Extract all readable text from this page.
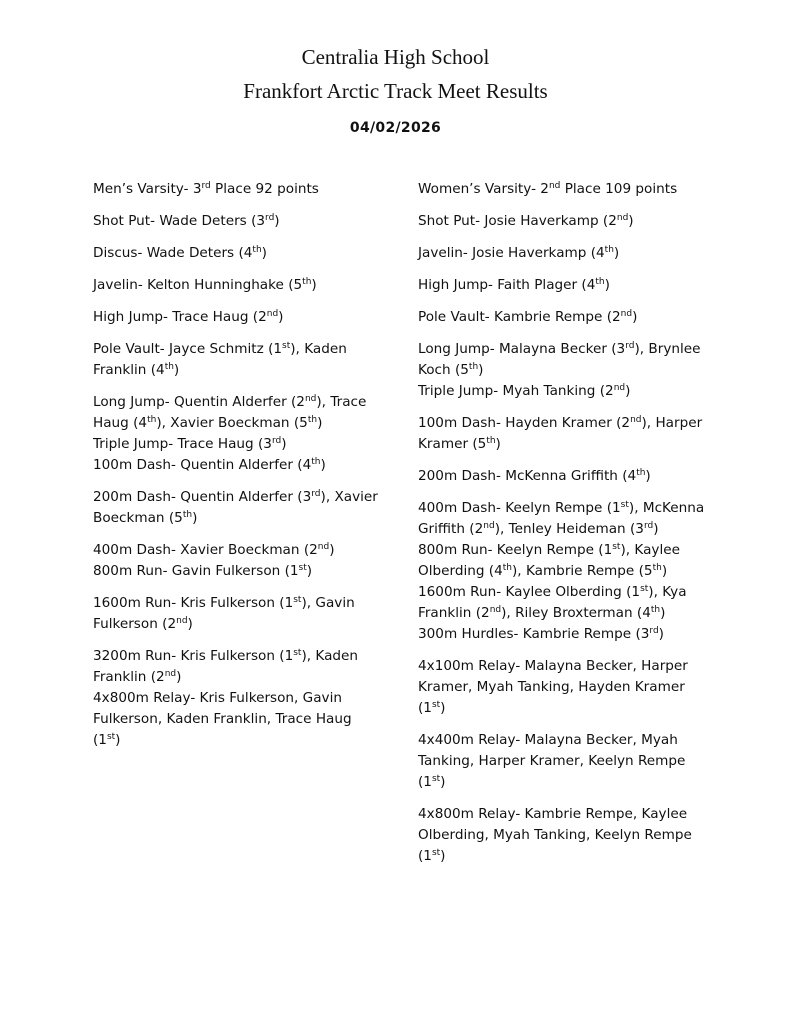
Centralia High School
Frankfort Arctic Track Meet Results
04/02/2026

Men’s Varsity- 3rd Place 92 points

Shot Put- Wade Deters (3rd)

Discus- Wade Deters (4th)

Javelin- Kelton Hunninghake (5th)

High Jump- Trace Haug (2nd)

Pole Vault- Jayce Schmitz (1st), Kaden Franklin (4th)

Long Jump- Quentin Alderfer (2nd), Trace Haug (4th), Xavier Boeckman (5th)

Triple Jump- Trace Haug (3rd)

100m Dash- Quentin Alderfer (4th)

200m Dash- Quentin Alderfer (3rd), Xavier Boeckman (5th)

400m Dash- Xavier Boeckman (2nd)

800m Run- Gavin Fulkerson (1st)

1600m Run- Kris Fulkerson (1st), Gavin Fulkerson (2nd)

3200m Run- Kris Fulkerson (1st), Kaden Franklin (2nd)

4x800m Relay- Kris Fulkerson, Gavin Fulkerson, Kaden Franklin, Trace Haug (1st)

Women’s Varsity- 2nd Place 109 points

Shot Put- Josie Haverkamp (2nd)

Javelin- Josie Haverkamp (4th)

High Jump- Faith Plager (4th)

Pole Vault- Kambrie Rempe (2nd)

Long Jump- Malayna Becker (3rd), Brynlee Koch (5th)

Triple Jump- Myah Tanking (2nd)

100m Dash- Hayden Kramer (2nd), Harper Kramer (5th)

200m Dash- McKenna Griffith (4th)

400m Dash- Keelyn Rempe (1st), McKenna Griffith (2nd), Tenley Heideman (3rd)

800m Run- Keelyn Rempe (1st), Kaylee Olberding (4th), Kambrie Rempe (5th)

1600m Run- Kaylee Olberding (1st), Kya Franklin (2nd), Riley Broxterman (4th)

300m Hurdles- Kambrie Rempe (3rd)

4x100m Relay- Malayna Becker, Harper Kramer, Myah Tanking, Hayden Kramer (1st)

4x400m Relay- Malayna Becker, Myah Tanking, Harper Kramer, Keelyn Rempe (1st)

4x800m Relay- Kambrie Rempe, Kaylee Olberding, Myah Tanking, Keelyn Rempe (1st)
